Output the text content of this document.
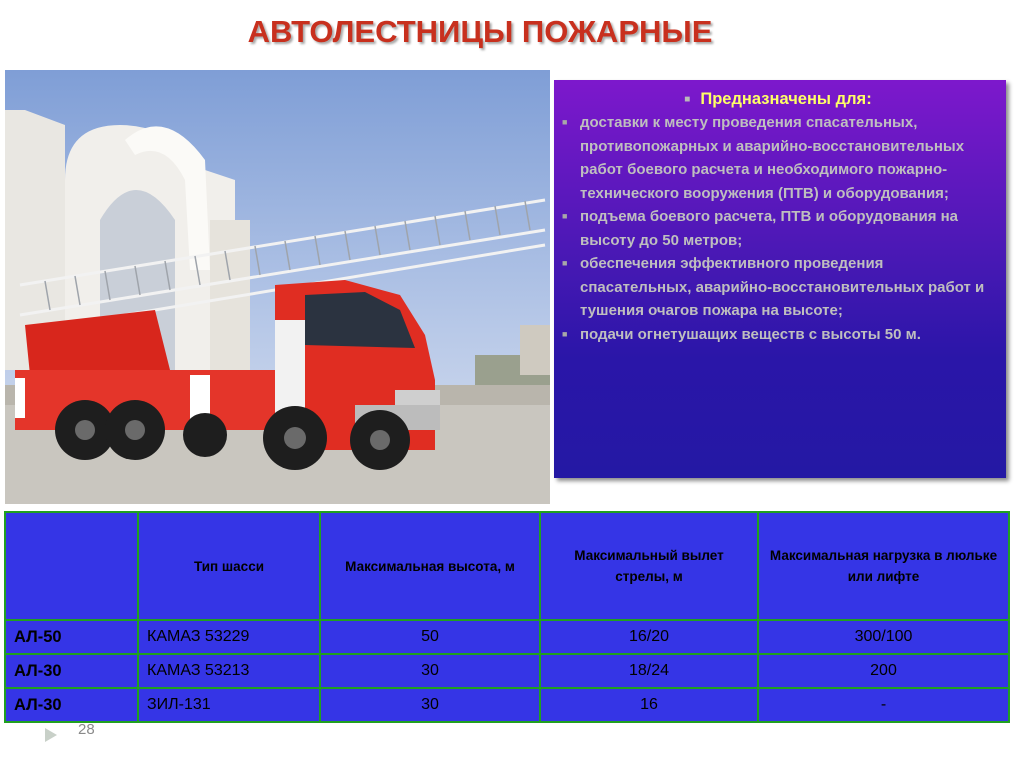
АВТОЛЕСТНИЦЫ ПОЖАРНЫЕ
■ Предназначены для:
■ доставки к месту проведения спасательных, противопожарных и аварийно-восстановительных работ боевого расчета и необходимого пожарно-технического вооружения (ПТВ) и оборудования;
■ подъема боевого расчета, ПТВ и оборудования на высоту до 50 метров;
■ обеспечения эффективного проведения спасательных, аварийно-восстановительных работ и тушения очагов пожара на высоте;
■ подачи огнетушащих веществ с высоты 50 м.
	Тип шасси	Максимальная высота, м	Максимальный вылет стрелы, м	Максимальная нагрузка в люльке или лифте
АЛ-50	КАМАЗ 53229	50	16/20	300/100
АЛ-30	КАМАЗ 53213	30	18/24	200
АЛ-30	ЗИЛ-131	30	16	-
28
